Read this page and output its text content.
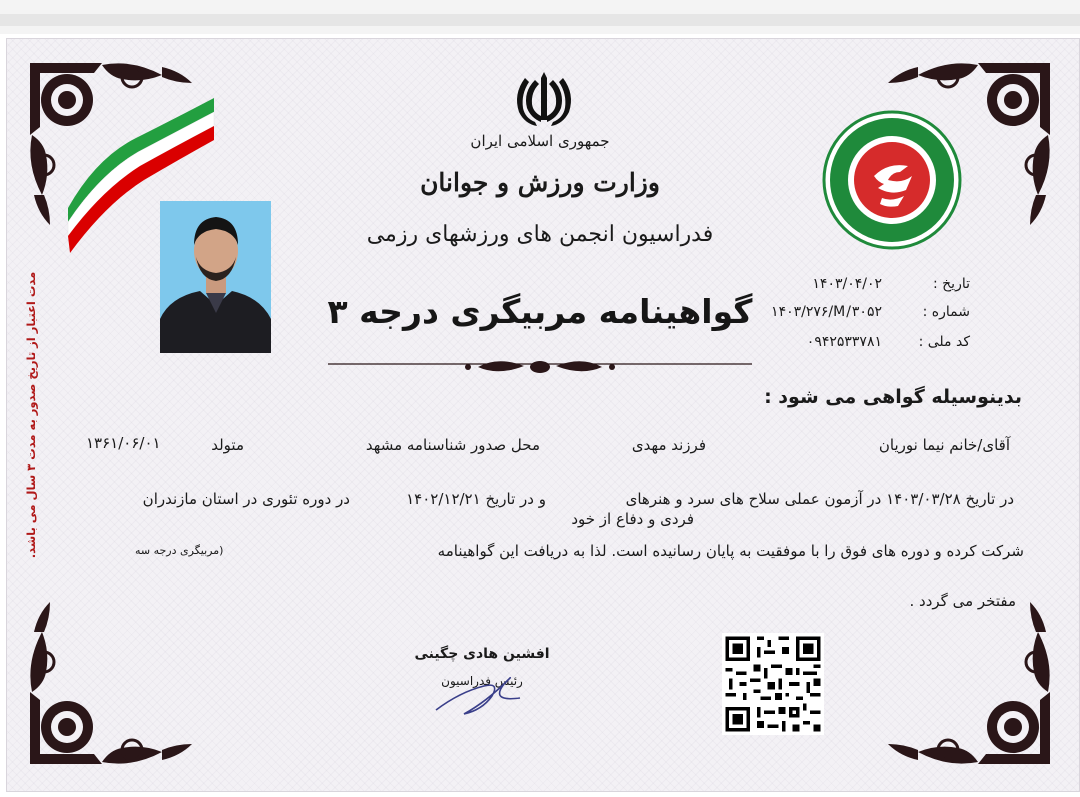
مدت اعتبار از تاریخ صدور به مدت ۳ سال می باشد.
جمهوری اسلامی ایران
وزارت ورزش و جوانان
فدراسیون انجمن های ورزشهای رزمی
تاریخ :
۱۴۰۳/۰۴/۰۲
شماره :
۱۴۰۳/۲۷۶/M/۳۰۵۲
کد ملی :
۰۹۴۲۵۳۳۷۸۱
گواهینامه مربیگری درجه ۳
بدینوسیله گواهی می شود :
آقای/خانم نیما نوریان
فرزند مهدی
محل صدور شناسنامه مشهد
متولد
۱۳۶۱/۰۶/۰۱
در تاریخ ۱۴۰۳/۰۳/۲۸ در آزمون عملی سلاح های سرد و هنرهای
و در تاریخ ۱۴۰۲/۱۲/۲۱
در دوره تئوری در استان مازندران
فردی و دفاع از خود
شرکت کرده و دوره های فوق را با موفقیت به پایان رسانیده است. لذا به دریافت این گواهینامه
(مربیگری درجه سه
مفتخر می گردد .
افشین هادی چگینی
رئیس فدراسیون
